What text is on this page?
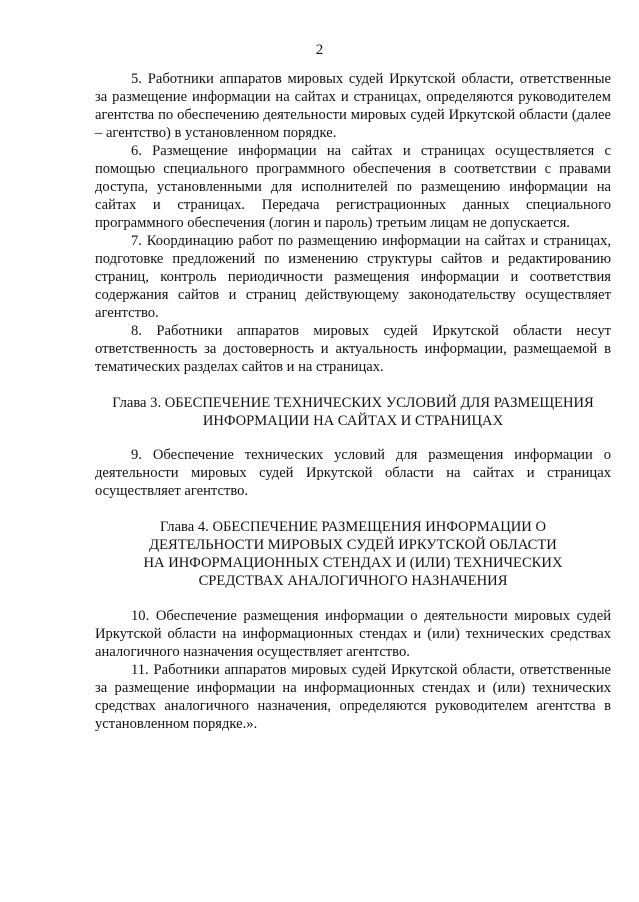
2

5. Работники аппаратов мировых судей Иркутской области, ответственные за размещение информации на сайтах и страницах, определяются руководителем агентства по обеспечению деятельности мировых судей Иркутской области (далее – агентство) в установленном порядке.

6. Размещение информации на сайтах и страницах осуществляется с помощью специального программного обеспечения в соответствии с правами доступа, установленными для исполнителей по размещению информации на сайтах и страницах. Передача регистрационных данных специального программного обеспечения (логин и пароль) третьим лицам не допускается.

7. Координацию работ по размещению информации на сайтах и страницах, подготовке предложений по изменению структуры сайтов и редактированию страниц, контроль периодичности размещения информации и соответствия содержания сайтов и страниц действующему законодательству осуществляет агентство.

8. Работники аппаратов мировых судей Иркутской области несут ответственность за достоверность и актуальность информации, размещаемой в тематических разделах сайтов и на страницах.

Глава 3. ОБЕСПЕЧЕНИЕ ТЕХНИЧЕСКИХ УСЛОВИЙ ДЛЯ РАЗМЕЩЕНИЯ
ИНФОРМАЦИИ НА САЙТАХ И СТРАНИЦАХ

9. Обеспечение технических условий для размещения информации о деятельности мировых судей Иркутской области на сайтах и страницах осуществляет агентство.

Глава 4. ОБЕСПЕЧЕНИЕ РАЗМЕЩЕНИЯ ИНФОРМАЦИИ О
ДЕЯТЕЛЬНОСТИ МИРОВЫХ СУДЕЙ ИРКУТСКОЙ ОБЛАСТИ
НА ИНФОРМАЦИОННЫХ СТЕНДАХ И (ИЛИ) ТЕХНИЧЕСКИХ
СРЕДСТВАХ АНАЛОГИЧНОГО НАЗНАЧЕНИЯ

10. Обеспечение размещения информации о деятельности мировых судей Иркутской области на информационных стендах и (или) технических средствах аналогичного назначения осуществляет агентство.

11. Работники аппаратов мировых судей Иркутской области, ответственные за размещение информации на информационных стендах и (или) технических средствах аналогичного назначения, определяются руководителем агентства в установленном порядке.».
